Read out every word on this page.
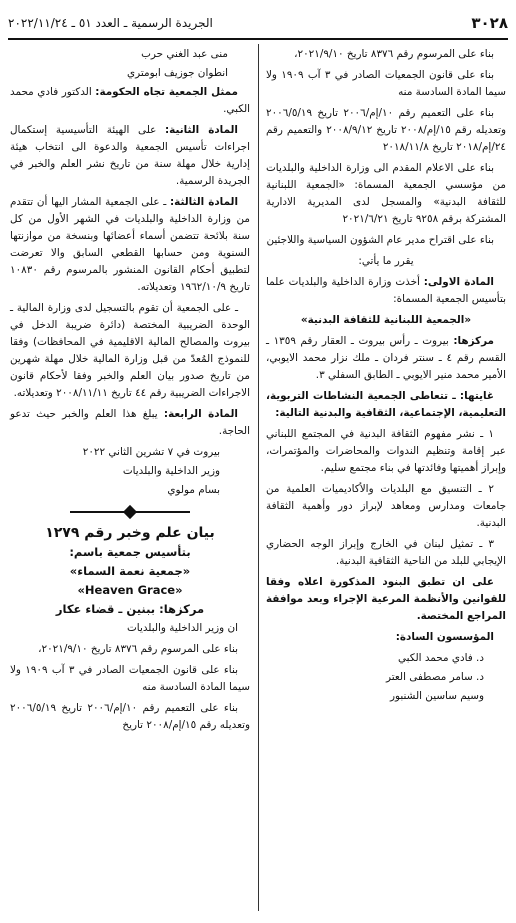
٣٠٢٨
الجريدة الرسمية ـ العدد ٥١ ـ ٢٠٢٢/١١/٢٤

بناء على المرسوم رقم ٨٣٧٦ تاريخ ٢٠٢١/٩/١٠،

بناء على قانون الجمعيات الصادر في ٣ آب ١٩٠٩ ولا سيما المادة السادسة منه

بناء على التعميم رقم ١٠/إم/٢٠٠٦ تاريخ ٢٠٠٦/٥/١٩ وتعديله رقم ١٥/إم/٢٠٠٨ تاريخ ٢٠٠٨/٩/١٢ والتعميم رقم ٢٤/إم/٢٠١٨ تاريخ ٢٠١٨/١١/٨

بناء على الاعلام المقدم الى وزارة الداخلية والبلديات من مؤسسي الجمعية المسماة: «الجمعية اللبنانية للثقافة البدنية» والمسجل لدى المديرية الادارية المشتركة برقم ٩٢٥٨ تاريخ ٢٠٢١/٦/٢١

بناء على اقتراح مدير عام الشؤون السياسية واللاجئين

يقرر ما يأتي:

المادة الاولى: أخذت وزارة الداخلية والبلديات علما بتأسيس الجمعية المسماة:

«الجمعية اللبنانية للثقافة البدنية»

مركزها: بيروت ـ رأس بيروت ـ العقار رقم ١٣٥٩ ـ القسم رقم ٤ ـ سنتر فردان ـ ملك نزار محمد الايوبي، الأمير محمد منير الايوبي ـ الطابق السفلي ٣.

غايتها: ـ تتعاطى الجمعية النشاطات التربوية، التعليمية، الإجتماعية، الثقافية والبدنية التالية:

١ ـ نشر مفهوم الثقافة البدنية في المجتمع اللبناني عبر إقامة وتنظيم الندوات والمحاضرات والمؤتمرات، وإبراز أهميتها وفائدتها في بناء مجتمع سليم.

٢ ـ التنسيق مع البلديات والأكاديميات العلمية من جامعات ومدارس ومعاهد لإبراز دور وأهمية الثقافة البدنية.

٣ ـ تمثيل لبنان في الخارج وإبراز الوجه الحضاري الإيجابي للبلد من الناحية الثقافية البدنية.

على ان تطبق البنود المذكورة اعلاه وفقا للقوانين والأنظمة المرعية الإجراء وبعد موافقة المراجع المختصة.

المؤسسون السادة:

د. فادي محمد الكبي

د. سامر مصطفى العتر

وسيم ساسين الشنبور

منى عبد الغني حرب

انطوان جوزيف ابومتري

ممثل الجمعية تجاه الحكومة: الدكتور فادي محمد الكبي.

المادة الثانية: على الهيئة التأسيسية إستكمال اجراءات تأسيس الجمعية والدعوة الى انتخاب هيئة إدارية خلال مهلة سنة من تاريخ نشر العلم والخبر في الجريدة الرسمية.

المادة الثالثة: ـ على الجمعية المشار اليها أن تتقدم من وزارة الداخلية والبلديات في الشهر الأول من كل سنة بلائحة تتضمن أسماء أعضائها وبنسخة من موازنتها السنوية ومن حسابها القطعي السابق والا تعرضت لتطبيق أحكام القانون المنشور بالمرسوم رقم ١٠٨٣٠ تاريخ ١٩٦٢/١٠/٩ وتعديلاته.

ـ على الجمعية أن تقوم بالتسجيل لدى وزارة المالية ـ الوحدة الضريبية المختصة (دائرة ضريبة الدخل في بيروت والمصالح المالية الاقليمية في المحافظات) وفقا للنموذج المُعدّ من قبل وزارة المالية خلال مهلة شهرين من تاريخ صدور بيان العلم والخبر وفقا لأحكام قانون الاجراءات الضريبية رقم ٤٤ تاريخ ٢٠٠٨/١١/١١ وتعديلاته.

المادة الرابعة: يبلغ هذا العلم والخبر حيث تدعو الحاجة.

بيروت في ٧ تشرين الثاني ٢٠٢٢

وزير الداخلية والبلديات

بسام مولوي

بيان علم وخبر رقم ١٢٧٩
بتأسيس جمعية باسم:
«جمعية نعمة السماء»
«Heaven Grace»
مركزها: ببنين ـ قضاء عكار

ان وزير الداخلية والبلديات

بناء على المرسوم رقم ٨٣٧٦ تاريخ ٢٠٢١/٩/١٠،

بناء على قانون الجمعيات الصادر في ٣ آب ١٩٠٩ ولا سيما المادة السادسة منه

بناء على التعميم رقم ١٠/إم/٢٠٠٦ تاريخ ٢٠٠٦/٥/١٩ وتعديله رقم ١٥/إم/٢٠٠٨ تاريخ
